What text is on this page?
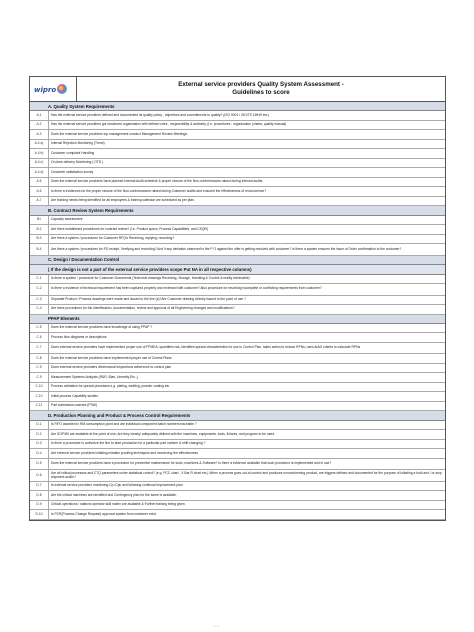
wipro
External service providers Quality System Assessment -
Guidelines to score
A. Quality System Requirements
A.1	Has the external service providers defined and documented its quality policy , objectives and commitments to quality? (ISO 9001 / ISO/TS 16949 etc.)
A.2	Has the external service providers got structured organization with defined roles , responsibility & authority. (i.e. procedures , organization (charts, quality manual)
A.3	Does the external service providers top management conduct Management Review Meetings.
A.4 a)	Internal Rejection Monitoring (Trend)
A.4 b)	Customer complaint Handling
A.4 c)	On-time delivery Monitoring ( OTD )
A.4 d)	Customer satisfaction survey
A.5	Does the external service providers have planned Internal Audit schedule & proper closure of the Non-conformances raised during Internal audits.
A.6	Is there a evidences for the proper closure of the Non-conformances raised during Customer audits and ensured the effectiveness of reoccurrence?
A.7	Are training needs being identified for all employees & training calendar are scheduled as per plan.
B. Contract Review System Requirements
B1	Capacity assessment
B.2	Are there established procedures for contract review? (i.e. Product specs, Process Capabilities, and CSQR)
B.3	Are there a system / procedures for Customer RFQ's Receiving, replying, recording?
B.4	Are there a system / procedures for PO receipt, Verifying and recording? And if any deviation observed in the P O against the offer is getting resolved with customer? Is there a system ensures the issue of Order confirmation to the customer?
C. Design / Documentation Control
( If the design is not a part of the external service providers scope Put NA in all respective columns)
C.1	Is there a system / procedure for Customer Documents (Technical drawings Receiving, Storage, Handling & Control & reality retrievable)
C.2	Is there a evidence of technical requirement has been captured properly and reviewed with customer? Also procedure for resolving incomplete or conflicting requirements from customer?
C.3	Separate Product / Process drawings were made and issued to the line (s)?Are Customer drawing directly issued to the point of use ?
C.4	Are there procedures for the identification, documentation, review and approval of all Engineering changes and modifications?
PPAP Elements
C.5	Does the external service providers have knowledge of using PPAP ?
C.6	Process flow diagrams or descriptions
C.7	Does external service providers have implemented proper use of PFMEA: quantities risk, identifies special characteristics for use in Control Plan, takes action to reduce RPNs; uses AIAG criteria to calculate RPNs
C.8	Does the external service providers have implemented proper use of Control Plans
C.9	Does external service providers dimensional inspections adherence to control plan
C.9	Measurement Systems Analysis (R&R, Bias, Linearity Etc.,)
C.10	Process validation for special processes e.g. plating, welding, powder coating etc.
C.10	Initial process Capability studies
C.11	Part submission warrant (PSW)
D. Production Planning and Product & Process Control Requirements
D.1	Is FIFO awarded in RM consumption point and are individual component batch numbers traceable ?
D.2	Are SOP/WI are available at the point of use; Are they clearly/ adequately defined with the machines, equipments, tools, fixtures, and program to be used.
D.3	Is there a procedure to authorize the line to start production for a particular part number & shift changing ?
D.4	Are external service providers initiating mistake proofing techniques and monitoring the effectiveness
D.5	Does the external service providers have a procedure for preventive maintenance for tools, machines & Software? Is there a evidence available that such procedure is implemented and in use?
D.6	Are all critical processes and CTQ parameters under statistical control? (e.g. PCC chart , X Bar R chart etc.) When a process goes out-of-control and produces nonconforming product, are triggers defined and documented for the purpose of initiating a hold and / or stop shipment action?
D.7	Is external service providers monitoring Cp /Cpk and following continual improvement plan
D.8	Are the critical machines are identified and Contingency plan for the same is available.
D.9	Critical operations / stations operator skill matrix are available & Further training being given.
D.10	Is PCR(Process Change Request) approval system from customer exist
1 / 1
